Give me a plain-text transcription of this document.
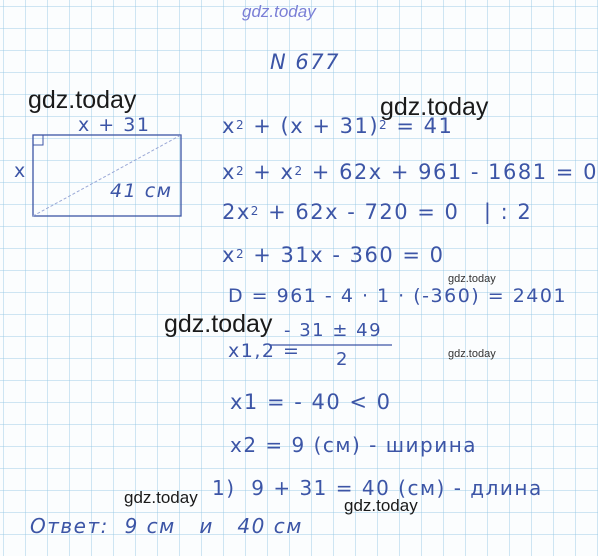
gdz.today
x + 31
x
41 см
N 677
$x^2 + (x + 31)^2 = 41$
$x^2 + x^2 + 62x + 961 - 1681 = 0$
$2x^2 + 62x - 720 = 0$   | : 2
$x^2 + 31x - 360 = 0$
D = 961 - 4 · 1 · (-360) = 2401
x1,2 =
- 31 ± 49
2
x1 = - 40 < 0
x2 = 9 (см) - ширина
1)  9 + 31 = 40 (см) - длина
Ответ:  9 см   и   40 см
gdz.today	gdz.today
gdz.today
gdz.today
gdz.today
gdz.today	gdz.today
